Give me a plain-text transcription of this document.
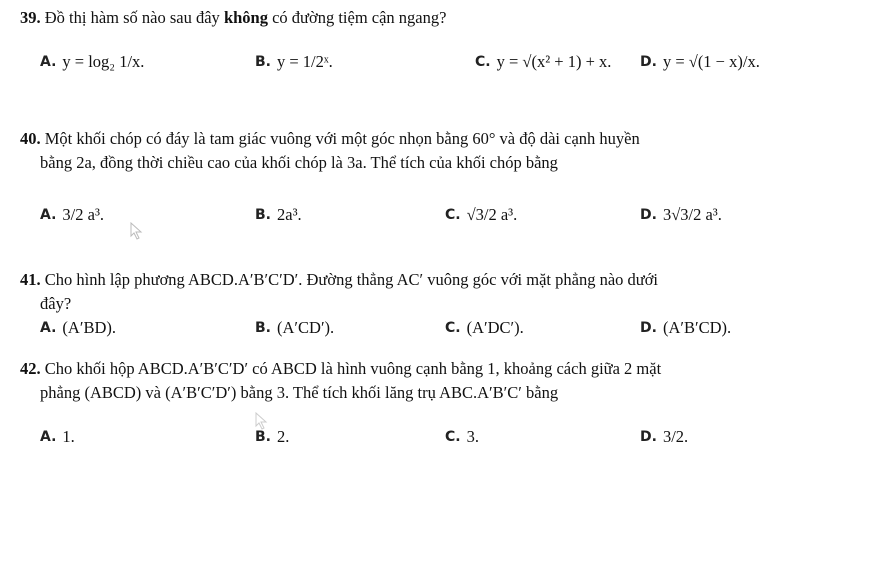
39. Đồ thị hàm số nào sau đây không có đường tiệm cận ngang?
A. y = log₂ 1/x.	B. y = 1/2ˣ.	C. y = √(x² + 1) + x. D. y = √(1 − x)/x.
40. Một khối chóp có đáy là tam giác vuông với một góc nhọn bằng 60° và độ dài cạnh huyền
bằng 2a, đồng thời chiều cao của khối chóp là 3a. Thể tích của khối chóp bằng
A. 3/2 a³.	B. 2a³.	C. √3/2 a³.	D. 3√3/2 a³.
41. Cho hình lập phương ABCD.A′B′C′D′. Đường thẳng AC′ vuông góc với mặt phẳng nào dưới
đây?
A. (A′BD).	B. (A′CD′).	C. (A′DC′).	D. (A′B′CD).
42. Cho khối hộp ABCD.A′B′C′D′ có ABCD là hình vuông cạnh bằng 1, khoảng cách giữa 2 mặt
phẳng (ABCD) và (A′B′C′D′) bằng 3. Thể tích khối lăng trụ ABC.A′B′C′ bằng
A. 1.	B. 2.	C. 3.	D. 3/2.
